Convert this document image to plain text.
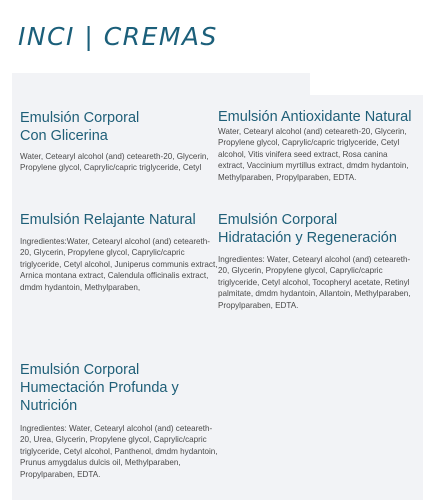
INCI | CREMAS
Emulsión Corporal
Con Glicerina
Water, Cetearyl alcohol (and) ceteareth-20, Glycerin, Propylene glycol, Caprylic/capric triglyceride, Cetyl
Emulsión Antioxidante Natural
Water, Cetearyl alcohol (and) ceteareth-20, Glycerin, Propylene glycol, Caprylic/capric triglyceride, Cetyl alcohol, Vitis vinifera seed extract, Rosa canina extract, Vaccinium myrtillus extract, dmdm hydantoin, Methylparaben, Propylparaben, EDTA.
Emulsión Relajante Natural
Ingredientes:Water, Cetearyl alcohol (and) ceteareth-20, Glycerin, Propylene glycol, Caprylic/capric triglyceride, Cetyl alcohol, Juniperus communis extract, Arnica montana extract, Calendula officinalis extract, dmdm hydantoin, Methylparaben,
Emulsión Corporal
Hidratación y Regeneración
Ingredientes: Water, Cetearyl alcohol (and) ceteareth-20, Glycerin, Propylene glycol, Caprylic/capric triglyceride, Cetyl alcohol, Tocopheryl acetate, Retinyl palmitate, dmdm hydantoin, Allantoin, Methylparaben, Propylparaben, EDTA.
Emulsión Corporal
Humectación Profunda y
Nutrición
Ingredientes: Water, Cetearyl alcohol (and) ceteareth-20, Urea, Glycerin, Propylene glycol, Caprylic/capric triglyceride, Cetyl alcohol, Panthenol, dmdm hydantoin, Prunus amygdalus dulcis oil, Methylparaben, Propylparaben, EDTA.
